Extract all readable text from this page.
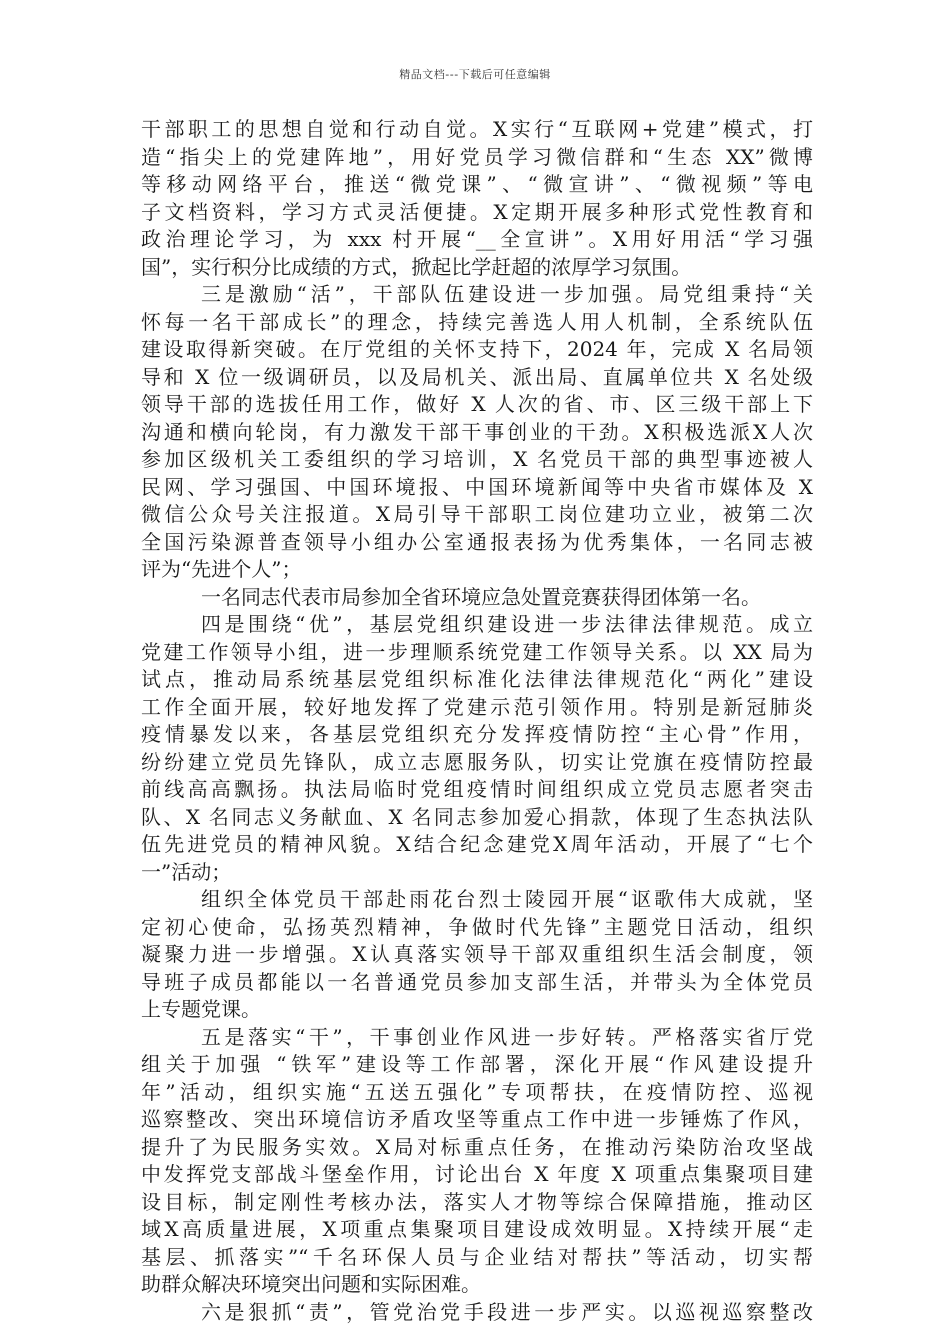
精品文档---下载后可任意编辑
干部职工的思想自觉和行动自觉。X实行“互联网+党建”模式，打
造“指尖上的党建阵地”，用好党员学习微信群和“生态 XX”微博
等移动网络平台，推送“微党课”、“微宣讲”、“微视频”等电
子文档资料，学习方式灵活便捷。X定期开展多种形式党性教育和
政治理论学习，为 xxx 村开展“__全宣讲”。X用好用活“学习强
国”，实行积分比成绩的方式，掀起比学赶超的浓厚学习氛围。
三是激励“活”，干部队伍建设进一步加强。局党组秉持“关
怀每一名干部成长”的理念，持续完善选人用人机制，全系统队伍
建设取得新突破。在厅党组的关怀支持下，2024 年，完成 X 名局领
导和 X 位一级调研员，以及局机关、派出局、直属单位共 X 名处级
领导干部的选拔任用工作，做好 X 人次的省、市、区三级干部上下
沟通和横向轮岗，有力激发干部干事创业的干劲。X积极选派X人次
参加区级机关工委组织的学习培训，X 名党员干部的典型事迹被人
民网、学习强国、中国环境报、中国环境新闻等中央省市媒体及 X
微信公众号关注报道。X局引导干部职工岗位建功立业，被第二次
全国污染源普查领导小组办公室通报表扬为优秀集体，一名同志被
评为“先进个人”；
一名同志代表市局参加全省环境应急处置竞赛获得团体第一名。
四是围绕“优”，基层党组织建设进一步法律法律规范。成立
党建工作领导小组，进一步理顺系统党建工作领导关系。以 XX 局为
试点，推动局系统基层党组织标准化法律法律规范化“两化”建设
工作全面开展，较好地发挥了党建示范引领作用。特别是新冠肺炎
疫情暴发以来，各基层党组织充分发挥疫情防控“主心骨”作用，
纷纷建立党员先锋队，成立志愿服务队，切实让党旗在疫情防控最
前线高高飘扬。执法局临时党组疫情时间组织成立党员志愿者突击
队、X 名同志义务献血、X 名同志参加爱心捐款，体现了生态执法队
伍先进党员的精神风貌。X结合纪念建党X周年活动，开展了“七个
一”活动；
组织全体党员干部赴雨花台烈士陵园开展“讴歌伟大成就，坚
定初心使命，弘扬英烈精神，争做时代先锋”主题党日活动，组织
凝聚力进一步增强。X认真落实领导干部双重组织生活会制度，领
导班子成员都能以一名普通党员参加支部生活，并带头为全体党员
上专题党课。
五是落实“干”，干事创业作风进一步好转。严格落实省厅党
组关于加强 “铁军”建设等工作部署，深化开展“作风建设提升
年”活动，组织实施“五送五强化”专项帮扶，在疫情防控、巡视
巡察整改、突出环境信访矛盾攻坚等重点工作中进一步锤炼了作风，
提升了为民服务实效。X局对标重点任务，在推动污染防治攻坚战
中发挥党支部战斗堡垒作用，讨论出台 X 年度 X 项重点集聚项目建
设目标，制定刚性考核办法，落实人才物等综合保障措施，推动区
域X高质量进展，X项重点集聚项目建设成效明显。X持续开展“走
基层、抓落实”“千名环保人员与企业结对帮扶”等活动，切实帮
助群众解决环境突出问题和实际困难。
六是狠抓“责”，管党治党手段进一步严实。以巡视巡察整改
